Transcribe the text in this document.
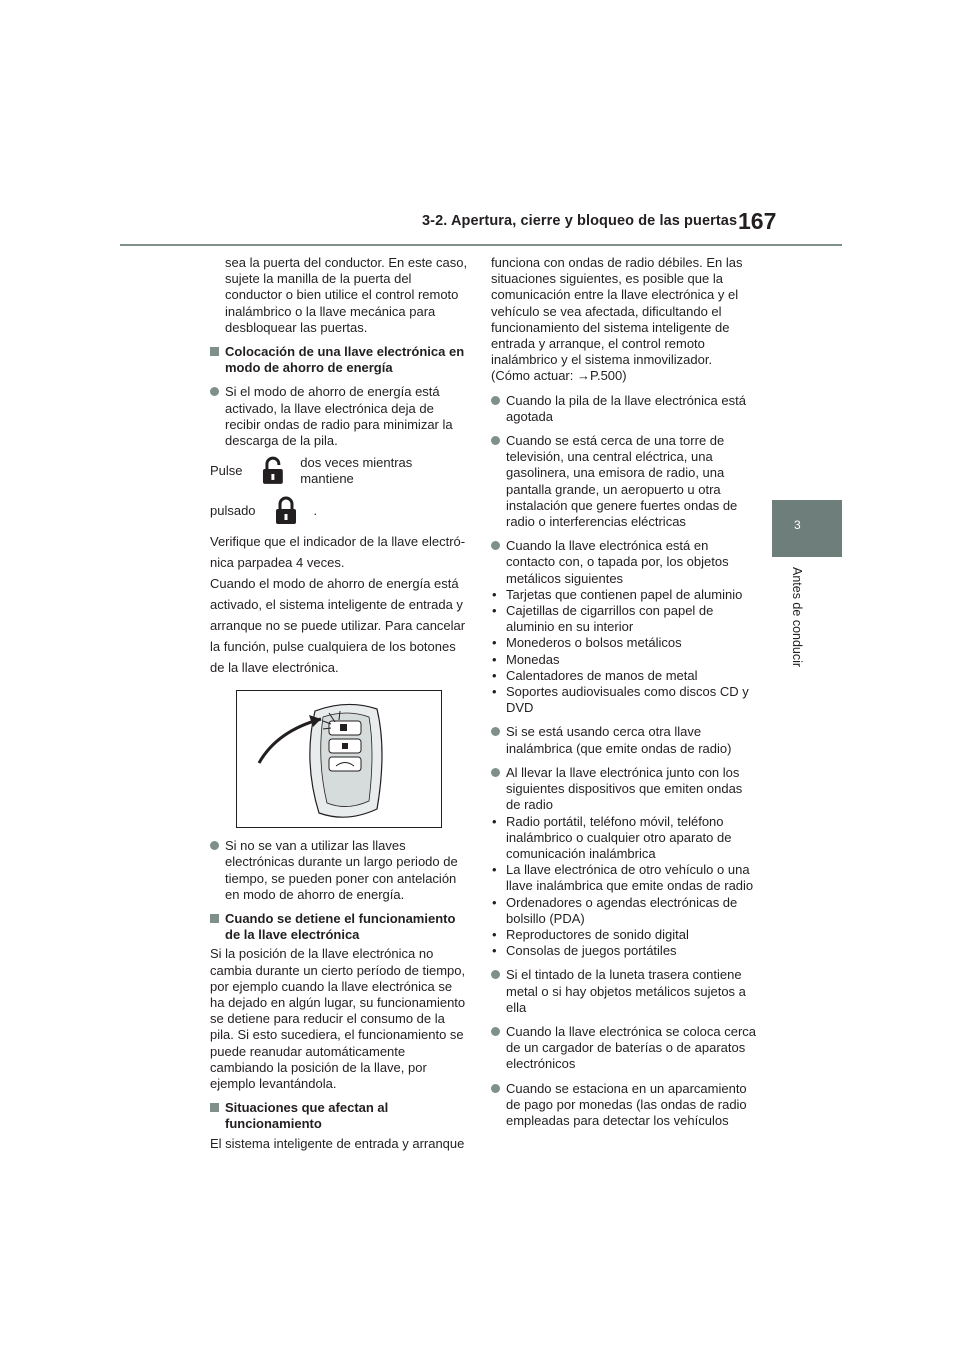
3-2. Apertura, cierre y bloqueo de las puertas 167
3
Antes de conducir

sea la puerta del conductor. En este caso, sujete la manilla de la puerta del conductor o bien utilice el control remoto inalámbrico o la llave mecánica para desbloquear las puertas.

Colocación de una llave electrónica en modo de ahorro de energía

Si el modo de ahorro de energía está activado, la llave electrónica deja de recibir ondas de radio para minimizar la descarga de la pila.

Pulse
dos veces mientras mantiene
pulsado	.

Verifique que el indicador de la llave electró-

nica parpadea 4 veces.

Cuando el modo de ahorro de energía está

activado, el sistema inteligente de entrada y

arranque no se puede utilizar. Para cancelar

la función, pulse cualquiera de los botones

de la llave electrónica.

Si no se van a utilizar las llaves electrónicas durante un largo periodo de tiempo, se pueden poner con antelación en modo de ahorro de energía.

Cuando se detiene el funcionamiento de la llave electrónica

Si la posición de la llave electrónica no cambia durante un cierto período de tiempo, por ejemplo cuando la llave electrónica se ha dejado en algún lugar, su funcionamiento se detiene para reducir el consumo de la pila. Si esto sucediera, el funcionamiento se puede reanudar automáticamente cambiando la posición de la llave, por ejemplo levantándola.

Situaciones que afectan al funcionamiento

El sistema inteligente de entrada y arranque

funciona con ondas de radio débiles. En las situaciones siguientes, es posible que la comunicación entre la llave electrónica y el vehículo se vea afectada, dificultando el funcionamiento del sistema inteligente de entrada y arranque, el control remoto inalámbrico y el sistema inmovilizador.

(Cómo actuar: →P.500)

Cuando la pila de la llave electrónica está agotada

Cuando se está cerca de una torre de televisión, una central eléctrica, una gasolinera, una emisora de radio, una pantalla grande, un aeropuerto u otra instalación que genere fuertes ondas de radio o interferencias eléctricas

Cuando la llave electrónica está en contacto con, o tapada por, los objetos metálicos siguientes

• Tarjetas que contienen papel de aluminio

• Cajetillas de cigarrillos con papel de aluminio en su interior

• Monederos o bolsos metálicos

• Monedas

• Calentadores de manos de metal

• Soportes audiovisuales como discos CD y DVD

Si se está usando cerca otra llave inalámbrica (que emite ondas de radio)

Al llevar la llave electrónica junto con los siguientes dispositivos que emiten ondas de radio

• Radio portátil, teléfono móvil, teléfono inalámbrico o cualquier otro aparato de comunicación inalámbrica

• La llave electrónica de otro vehículo o una llave inalámbrica que emite ondas de radio

• Ordenadores o agendas electrónicas de bolsillo (PDA)

• Reproductores de sonido digital

• Consolas de juegos portátiles

Si el tintado de la luneta trasera contiene metal o si hay objetos metálicos sujetos a ella

Cuando la llave electrónica se coloca cerca de un cargador de baterías o de aparatos electrónicos

Cuando se estaciona en un aparcamiento de pago por monedas (las ondas de radio empleadas para detectar los vehículos
